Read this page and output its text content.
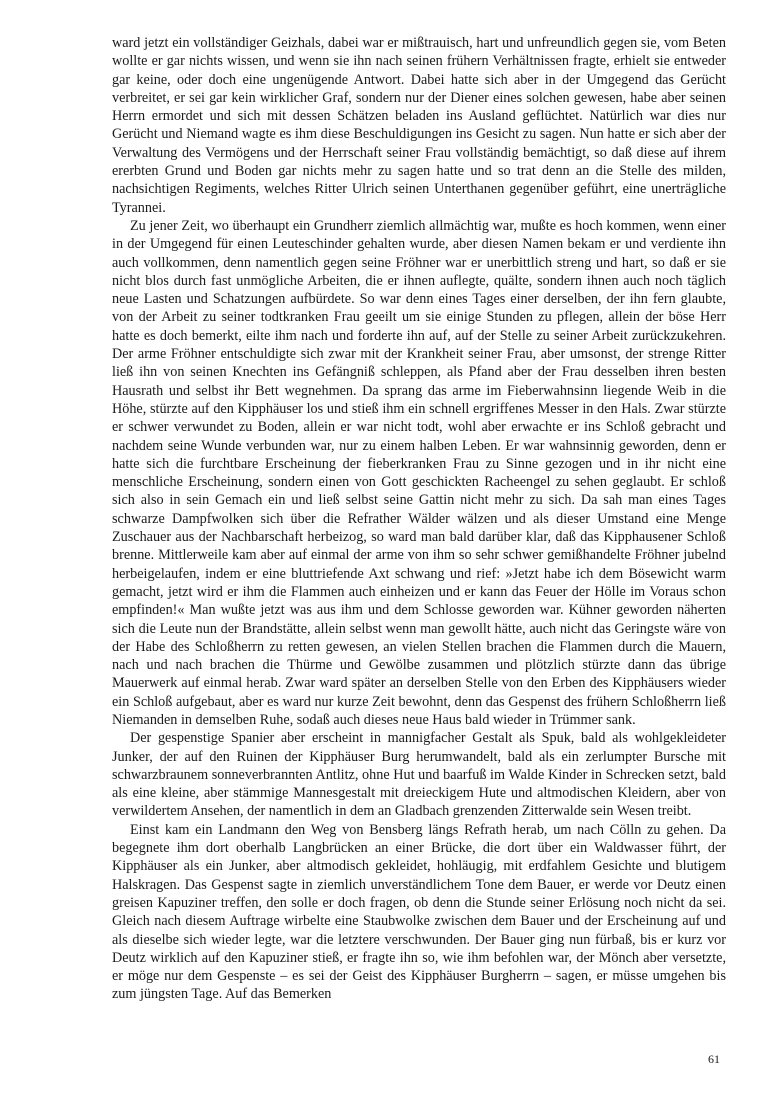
ward jetzt ein vollständiger Geizhals, dabei war er mißtrauisch, hart und unfreundlich gegen sie, vom Beten wollte er gar nichts wissen, und wenn sie ihn nach seinen frühern Verhältnissen fragte, erhielt sie entweder gar keine, oder doch eine ungenügende Antwort. Dabei hatte sich aber in der Umgegend das Gerücht verbreitet, er sei gar kein wirklicher Graf, sondern nur der Diener eines solchen gewesen, habe aber seinen Herrn ermordet und sich mit dessen Schätzen beladen ins Ausland geflüchtet. Natürlich war dies nur Gerücht und Niemand wagte es ihm diese Beschuldigungen ins Gesicht zu sagen. Nun hatte er sich aber der Verwaltung des Vermögens und der Herrschaft seiner Frau vollständig bemächtigt, so daß diese auf ihrem ererbten Grund und Boden gar nichts mehr zu sagen hatte und so trat denn an die Stelle des milden, nachsichtigen Regiments, welches Ritter Ulrich seinen Unterthanen gegenüber geführt, eine unerträgliche Tyrannei.

Zu jener Zeit, wo überhaupt ein Grundherr ziemlich allmächtig war, mußte es hoch kommen, wenn einer in der Umgegend für einen Leuteschinder gehalten wurde, aber diesen Namen bekam er und verdiente ihn auch vollkommen, denn namentlich gegen seine Fröhner war er unerbittlich streng und hart, so daß er sie nicht blos durch fast unmögliche Arbeiten, die er ihnen auflegte, quälte, sondern ihnen auch noch täglich neue Lasten und Schatzungen aufbürdete. So war denn eines Tages einer derselben, der ihn fern glaubte, von der Arbeit zu seiner todtkranken Frau geeilt um sie einige Stunden zu pflegen, allein der böse Herr hatte es doch bemerkt, eilte ihm nach und forderte ihn auf, auf der Stelle zu seiner Arbeit zurückzukehren. Der arme Fröhner entschuldigte sich zwar mit der Krankheit seiner Frau, aber umsonst, der strenge Ritter ließ ihn von seinen Knechten ins Gefängniß schleppen, als Pfand aber der Frau desselben ihren besten Hausrath und selbst ihr Bett wegnehmen. Da sprang das arme im Fieberwahnsinn liegende Weib in die Höhe, stürzte auf den Kipphäuser los und stieß ihm ein schnell ergriffenes Messer in den Hals. Zwar stürzte er schwer verwundet zu Boden, allein er war nicht todt, wohl aber erwachte er ins Schloß gebracht und nachdem seine Wunde verbunden war, nur zu einem halben Leben. Er war wahnsinnig geworden, denn er hatte sich die furchtbare Erscheinung der fieberkranken Frau zu Sinne gezogen und in ihr nicht eine menschliche Erscheinung, sondern einen von Gott geschickten Racheengel zu sehen geglaubt. Er schloß sich also in sein Gemach ein und ließ selbst seine Gattin nicht mehr zu sich. Da sah man eines Tages schwarze Dampfwolken sich über die Refrather Wälder wälzen und als dieser Umstand eine Menge Zuschauer aus der Nachbarschaft herbeizog, so ward man bald darüber klar, daß das Kipphausener Schloß brenne. Mittlerweile kam aber auf einmal der arme von ihm so sehr schwer gemißhandelte Fröhner jubelnd herbeigelaufen, indem er eine bluttriefende Axt schwang und rief: »Jetzt habe ich dem Bösewicht warm gemacht, jetzt wird er ihm die Flammen auch einheizen und er kann das Feuer der Hölle im Voraus schon empfinden!« Man wußte jetzt was aus ihm und dem Schlosse geworden war. Kühner geworden näherten sich die Leute nun der Brandstätte, allein selbst wenn man gewollt hätte, auch nicht das Geringste wäre von der Habe des Schloßherrn zu retten gewesen, an vielen Stellen brachen die Flammen durch die Mauern, nach und nach brachen die Thürme und Gewölbe zusammen und plötzlich stürzte dann das übrige Mauerwerk auf einmal herab. Zwar ward später an derselben Stelle von den Erben des Kipphäusers wieder ein Schloß aufgebaut, aber es ward nur kurze Zeit bewohnt, denn das Gespenst des frühern Schloßherrn ließ Niemanden in demselben Ruhe, sodaß auch dieses neue Haus bald wieder in Trümmer sank.

Der gespenstige Spanier aber erscheint in mannigfacher Gestalt als Spuk, bald als wohlgekleideter Junker, der auf den Ruinen der Kipphäuser Burg herumwandelt, bald als ein zerlumpter Bursche mit schwarzbraunem sonneverbrannten Antlitz, ohne Hut und baarfuß im Walde Kinder in Schrecken setzt, bald als eine kleine, aber stämmige Mannesgestalt mit dreieckigem Hute und altmodischen Kleidern, aber von verwildertem Ansehen, der namentlich in dem an Gladbach grenzenden Zitterwalde sein Wesen treibt.

Einst kam ein Landmann den Weg von Bensberg längs Refrath herab, um nach Cölln zu gehen. Da begegnete ihm dort oberhalb Langbrücken an einer Brücke, die dort über ein Waldwasser führt, der Kipphäuser als ein Junker, aber altmodisch gekleidet, hohläugig, mit erdfahlem Gesichte und blutigem Halskragen. Das Gespenst sagte in ziemlich unverständlichem Tone dem Bauer, er werde vor Deutz einen greisen Kapuziner treffen, den solle er doch fragen, ob denn die Stunde seiner Erlösung noch nicht da sei. Gleich nach diesem Auftrage wirbelte eine Staubwolke zwischen dem Bauer und der Erscheinung auf und als dieselbe sich wieder legte, war die letztere verschwunden. Der Bauer ging nun fürbaß, bis er kurz vor Deutz wirklich auf den Kapuziner stieß, er fragte ihn so, wie ihm befohlen war, der Mönch aber versetzte, er möge nur dem Gespenste – es sei der Geist des Kipphäuser Burgherrn – sagen, er müsse umgehen bis zum jüngsten Tage. Auf das Bemerken

61
